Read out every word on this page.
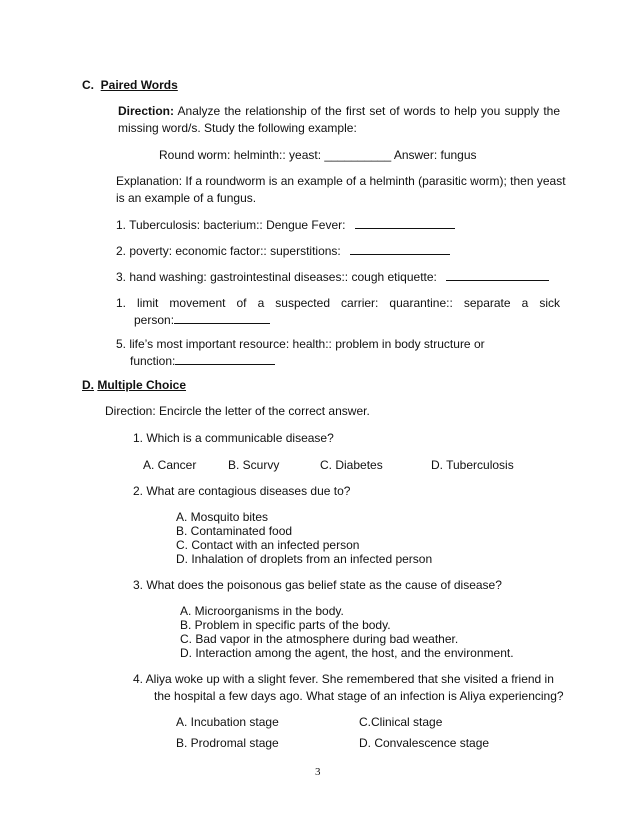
C. Paired Words
Direction: Analyze the relationship of the first set of words to help you supply the
missing word/s. Study the following example:
Round worm: helminth:: yeast: __________ Answer: fungus
Explanation: If a roundworm is an example of a helminth (parasitic worm); then yeast
is an example of a fungus.
1. Tuberculosis: bacterium:: Dengue Fever:
2. poverty: economic factor:: superstitions:
3. hand washing: gastrointestinal diseases:: cough etiquette:
1. limit movement of a suspected carrier: quarantine:: separate a sick
person:
5. life’s most important resource: health:: problem in body structure or
function:
D. Multiple Choice
Direction: Encircle the letter of the correct answer.
1. Which is a communicable disease?
A. Cancer	B. Scurvy	C. Diabetes	D. Tuberculosis
2. What are contagious diseases due to?
A. Mosquito bites
B. Contaminated food
C. Contact with an infected person
D. Inhalation of droplets from an infected person
3. What does the poisonous gas belief state as the cause of disease?
A. Microorganisms in the body.
B. Problem in specific parts of the body.
C. Bad vapor in the atmosphere during bad weather.
D. Interaction among the agent, the host, and the environment.
4. Aliya woke up with a slight fever. She remembered that she visited a friend in
the hospital a few days ago. What stage of an infection is Aliya experiencing?
A. Incubation stage	C.Clinical stage
B. Prodromal stage	D. Convalescence stage
3
